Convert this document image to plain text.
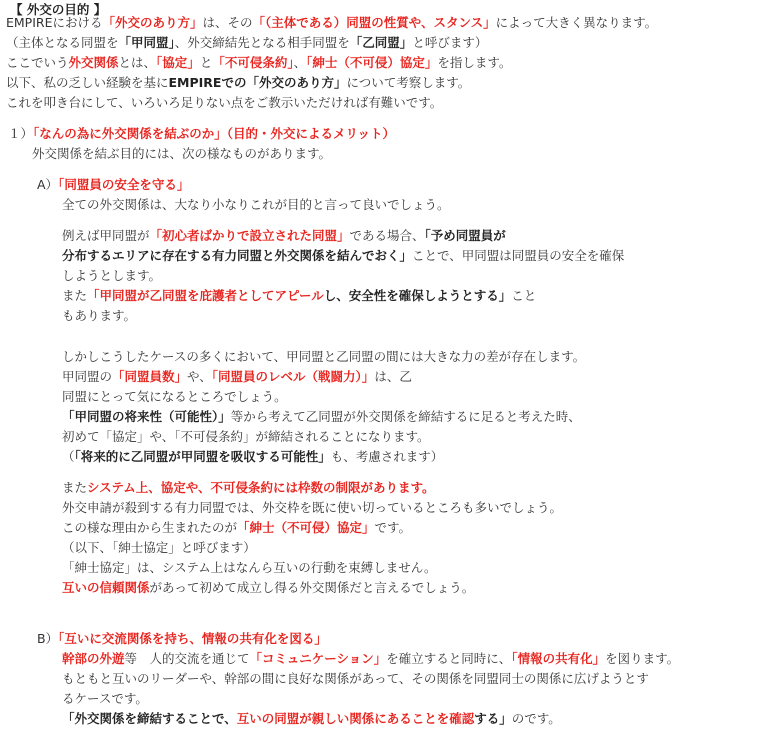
【 外交の目的 】
EMPIREにおける「外交のあり方」は、その「（主体である）同盟の性質や、スタンス」によって大きく異なります。
（主体となる同盟を「甲同盟」、外交締結先となる相手同盟を「乙同盟」と呼びます）
ここでいう外交関係とは、「協定」と「不可侵条約」、「紳士（不可侵）協定」を指します。
以下、私の乏しい経験を基にEMPIREでの「外交のあり方」について考察します。
これを叩き台にして、いろいろ足りない点をご教示いただければ有難いです。
１）「なんの為に外交関係を結ぶのか」（目的・外交によるメリット）
外交関係を結ぶ目的には、次の様なものがあります。
A）「同盟員の安全を守る」
全ての外交関係は、大なり小なりこれが目的と言って良いでしょう。
例えば甲同盟が「初心者ばかりで設立された同盟」である場合、「予め同盟員が
分布するエリアに存在する有力同盟と外交関係を結んでおく」ことで、甲同盟は同盟員の安全を確保
しようとします。
また「甲同盟が乙同盟を庇護者としてアピールし、安全性を確保しようとする」こと
もあります。
しかしこうしたケースの多くにおいて、甲同盟と乙同盟の間には大きな力の差が存在します。
甲同盟の「同盟員数」や、「同盟員のレベル（戦闘力）」は、乙
同盟にとって気になるところでしょう。
「甲同盟の将来性（可能性）」等から考えて乙同盟が外交関係を締結するに足ると考えた時、
初めて「協定」や、「不可侵条約」が締結されることになります。
（「将来的に乙同盟が甲同盟を吸収する可能性」も、考慮されます）
またシステム上、協定や、不可侵条約には枠数の制限があります。
外交申請が殺到する有力同盟では、外交枠を既に使い切っているところも多いでしょう。
この様な理由から生まれたのが「紳士（不可侵）協定」です。
（以下、「紳士協定」と呼びます）
「紳士協定」は、システム上はなんら互いの行動を束縛しません。
互いの信頼関係があって初めて成立し得る外交関係だと言えるでしょう。
B）「互いに交流関係を持ち、情報の共有化を図る」
幹部の外遊等　人的交流を通じて「コミュニケーション」を確立すると同時に、「情報の共有化」を図ります。
もともと互いのリーダーや、幹部の間に良好な関係があって、その関係を同盟同士の関係に広げようとす
るケースです。
「外交関係を締結することで、互いの同盟が親しい関係にあることを確認する」のです。
